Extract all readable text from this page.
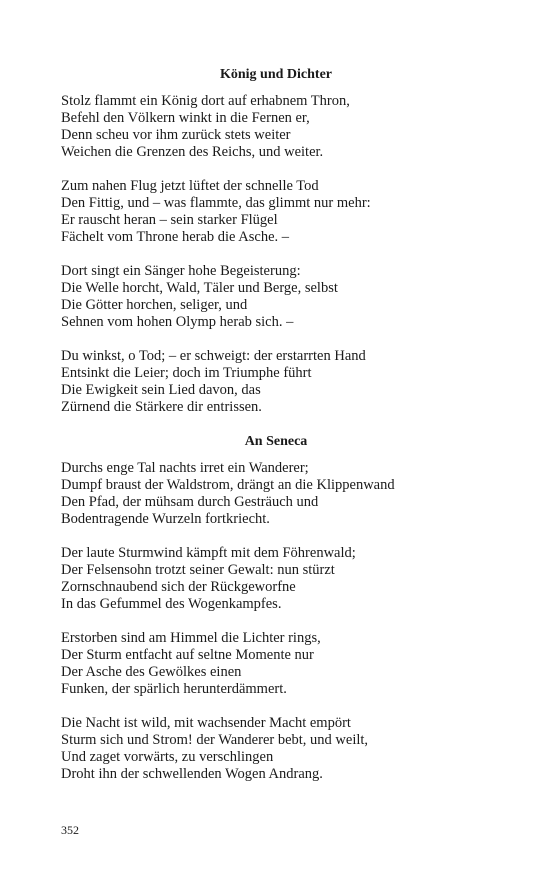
König und Dichter
Stolz flammt ein König dort auf erhabnem Thron,
Befehl den Völkern winkt in die Fernen er,
Denn scheu vor ihm zurück stets weiter
Weichen die Grenzen des Reichs, und weiter.
Zum nahen Flug jetzt lüftet der schnelle Tod
Den Fittig, und – was flammte, das glimmt nur mehr:
Er rauscht heran – sein starker Flügel
Fächelt vom Throne herab die Asche. –
Dort singt ein Sänger hohe Begeisterung:
Die Welle horcht, Wald, Täler und Berge, selbst
Die Götter horchen, seliger, und
Sehnen vom hohen Olymp herab sich. –
Du winkst, o Tod; – er schweigt: der erstarrten Hand
Entsinkt die Leier; doch im Triumphe führt
Die Ewigkeit sein Lied davon, das
Zürnend die Stärkere dir entrissen.
An Seneca
Durchs enge Tal nachts irret ein Wanderer;
Dumpf braust der Waldstrom, drängt an die Klippenwand
Den Pfad, der mühsam durch Gesträuch und
Bodentragende Wurzeln fortkriecht.
Der laute Sturmwind kämpft mit dem Föhrenwald;
Der Felsensohn trotzt seiner Gewalt: nun stürzt
Zornschnaubend sich der Rückgeworfne
In das Gefummel des Wogenkampfes.
Erstorben sind am Himmel die Lichter rings,
Der Sturm entfacht auf seltne Momente nur
Der Asche des Gewölkes einen
Funken, der spärlich herunterdämmert.
Die Nacht ist wild, mit wachsender Macht empört
Sturm sich und Strom! der Wanderer bebt, und weilt,
Und zaget vorwärts, zu verschlingen
Droht ihn der schwellenden Wogen Andrang.
352
